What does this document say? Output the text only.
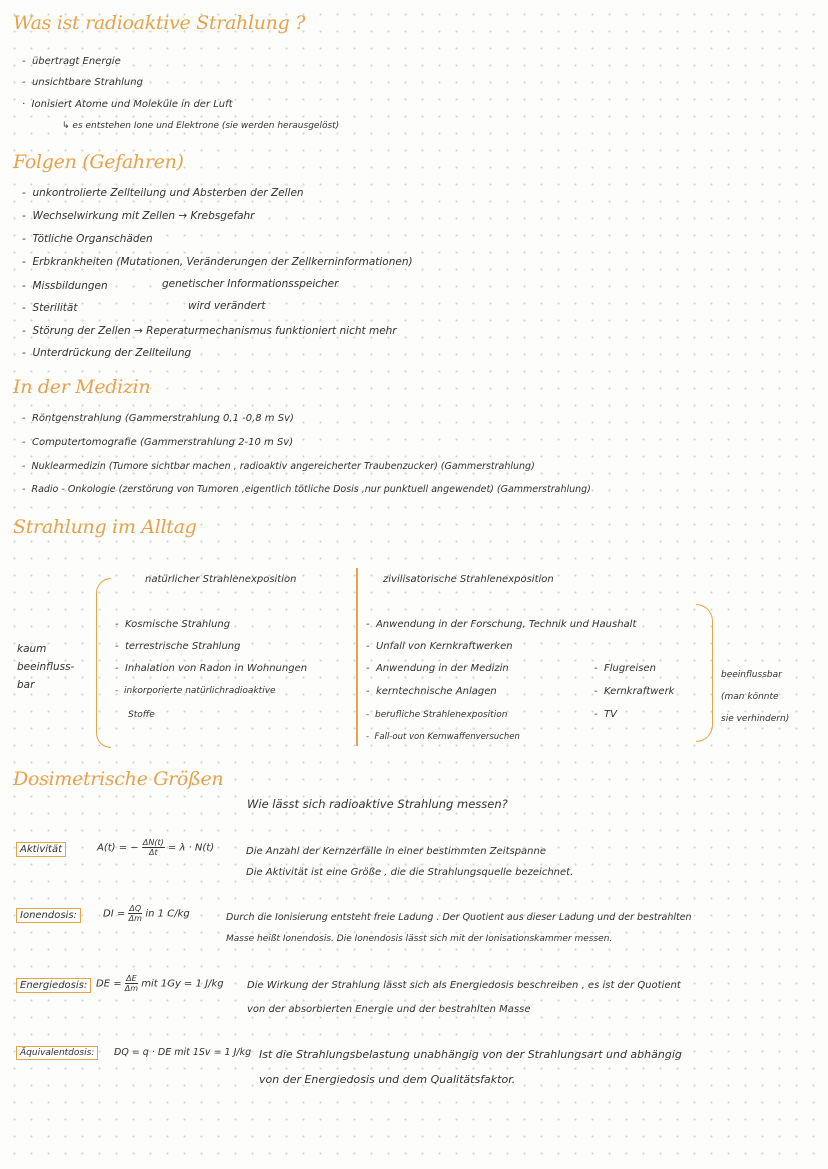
Was ist radioaktive Strahlung ?
-  übertragt Energie
-  unsichtbare Strahlung
·  Ionisiert Atome und Moleküle in der Luft
↳ es entstehen Ione und Elektrone (sie werden herausgelöst)
Folgen (Gefahren)
-  unkontrolierte Zellteilung und Absterben der Zellen
-  Wechselwirkung mit Zellen → Krebsgefahr
-  Tötliche Organschäden
-  Erbkrankheiten (Mutationen, Veränderungen der Zellkerninformationen)
-  Missbildungen	genetischer Informationsspeicher
-  Sterilität	wird verändert
-  Störung der Zellen → Reperaturmechanismus funktioniert nicht mehr
-  Unterdrückung der Zellteilung
In der Medizin
-  Röntgenstrahlung (Gammerstrahlung 0,1 -0,8 m Sv)
-  Computertomografie (Gammerstrahlung 2-10 m Sv)
-  Nuklearmedizin (Tumore sichtbar machen , radioaktiv angereicherter Traubenzucker) (Gammerstrahlung)
-  Radio - Onkologie (zerstörung von Tumoren ,eigentlich tötliche Dosis ,nur punktuell angewendet) (Gammerstrahlung)
Strahlung im Alltag
natürlicher Strahlenexposition	zivilisatorische Strahlenexposition
kaum
beeinfluss-
bar
-  Kosmische Strahlung
-  terrestrische Strahlung
-  Inhalation von Radon in Wohnungen
-  inkorporierte natürlichradioaktive
Stoffe
-  Anwendung in der Forschung, Technik und Haushalt
-  Unfall von Kernkraftwerken
-  Anwendung in der Medizin
-  kerntechnische Anlagen
-  berufliche Strahlenexposition
-  Fall-out von Kernwaffenversuchen
-  Flugreisen
-  Kernkraftwerk
-  TV
beeinflussbar
(man könnte
sie verhindern)
Dosimetrische Größen
Wie lässt sich radioaktive Strahlung messen?
Aktivität	A(t) = − $\frac{\Delta N(t)}{\Delta t} = \lambda \cdot N(t)$	Die Anzahl der Kernzerfälle in einer bestimmten Zeitspanne
Die Aktivität ist eine Größe , die die Strahlungsquelle bezeichnet.
Ionendosis:	DI = $\frac{\Delta Q}{\Delta m}$ in 1 C/kg	Durch die Ionisierung entsteht freie Ladung . Der Quotient aus dieser Ladung und der bestrahlten
Masse heißt Ionendosis. Die Ionendosis lässt sich mit der Ionisationskammer messen.
Energiedosis: DE = $\frac{\Delta E}{\Delta m}$ mit 1Gy = 1 J/kg Die Wirkung der Strahlung lässt sich als Energiedosis beschreiben , es ist der Quotient
von der absorbierten Energie und der bestrahlten Masse
Äquivalentdosis:	DQ = q · DE mit 1Sv = 1 J/kg Ist die Strahlungsbelastung unabhängig von der Strahlungsart und abhängig
von der Energiedosis und dem Qualitätsfaktor.
